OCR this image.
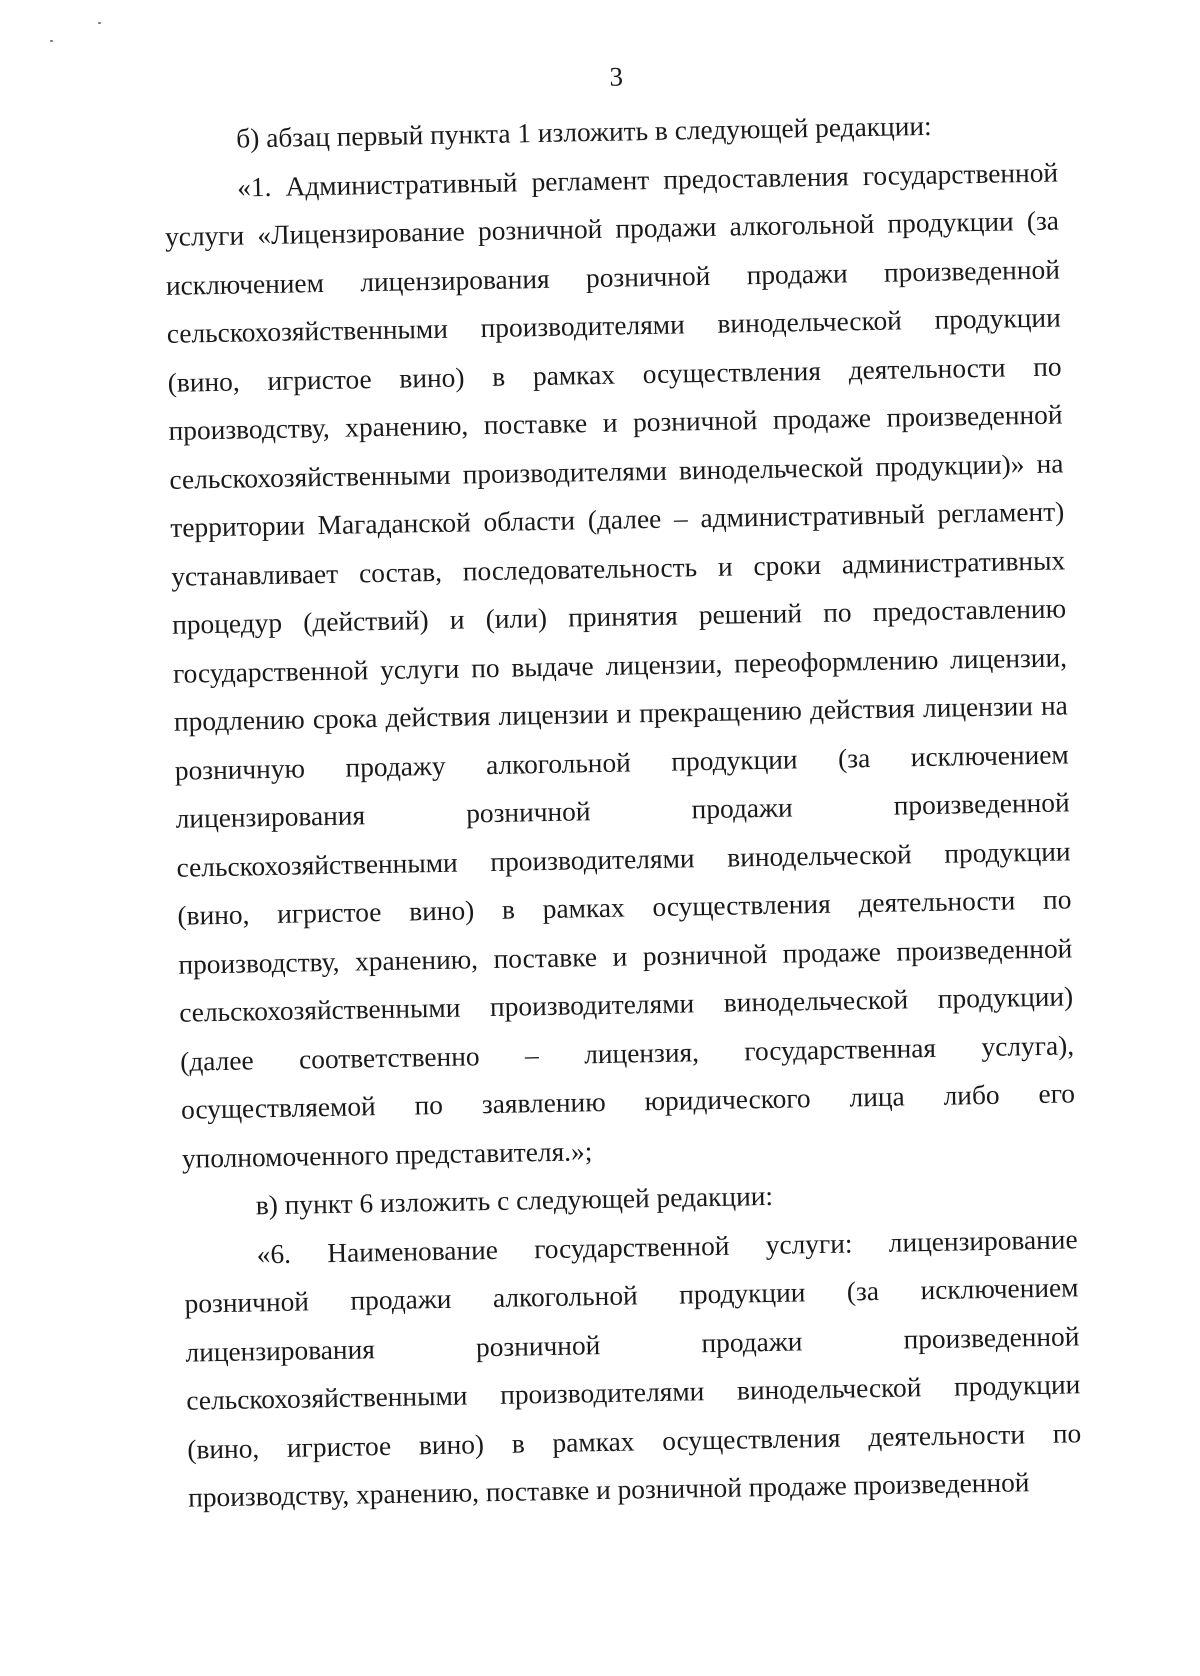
3

б) абзац первый пункта 1 изложить в следующей редакции:

«1. Административный регламент предоставления государственной услуги «Лицензирование розничной продажи алкогольной продукции (за исключением лицензирования розничной продажи произведенной сельскохозяйственными производителями винодельческой продукции (вино, игристое вино) в рамках осуществления деятельности по производству, хранению, поставке и розничной продаже произведенной сельскохозяйственными производителями винодельческой продукции)» на территории Магаданской области (далее – административный регламент) устанавливает состав, последовательность и сроки административных процедур (действий) и (или) принятия решений по предоставлению государственной услуги по выдаче лицензии, переоформлению лицензии, продлению срока действия лицензии и прекращению действия лицензии на розничную продажу алкогольной продукции (за исключением лицензирования розничной продажи произведенной сельскохозяйственными производителями винодельческой продукции (вино, игристое вино) в рамках осуществления деятельности по производству, хранению, поставке и розничной продаже произведенной сельскохозяйственными производителями винодельческой продукции) (далее соответственно – лицензия, государственная услуга), осуществляемой по заявлению юридического лица либо его уполномоченного представителя.»;

в) пункт 6 изложить с следующей редакции:

«6. Наименование государственной услуги: лицензирование розничной продажи алкогольной продукции (за исключением лицензирования розничной продажи произведенной сельскохозяйственными производителями винодельческой продукции (вино, игристое вино) в рамках осуществления деятельности по производству, хранению, поставке и розничной продаже произведенной
